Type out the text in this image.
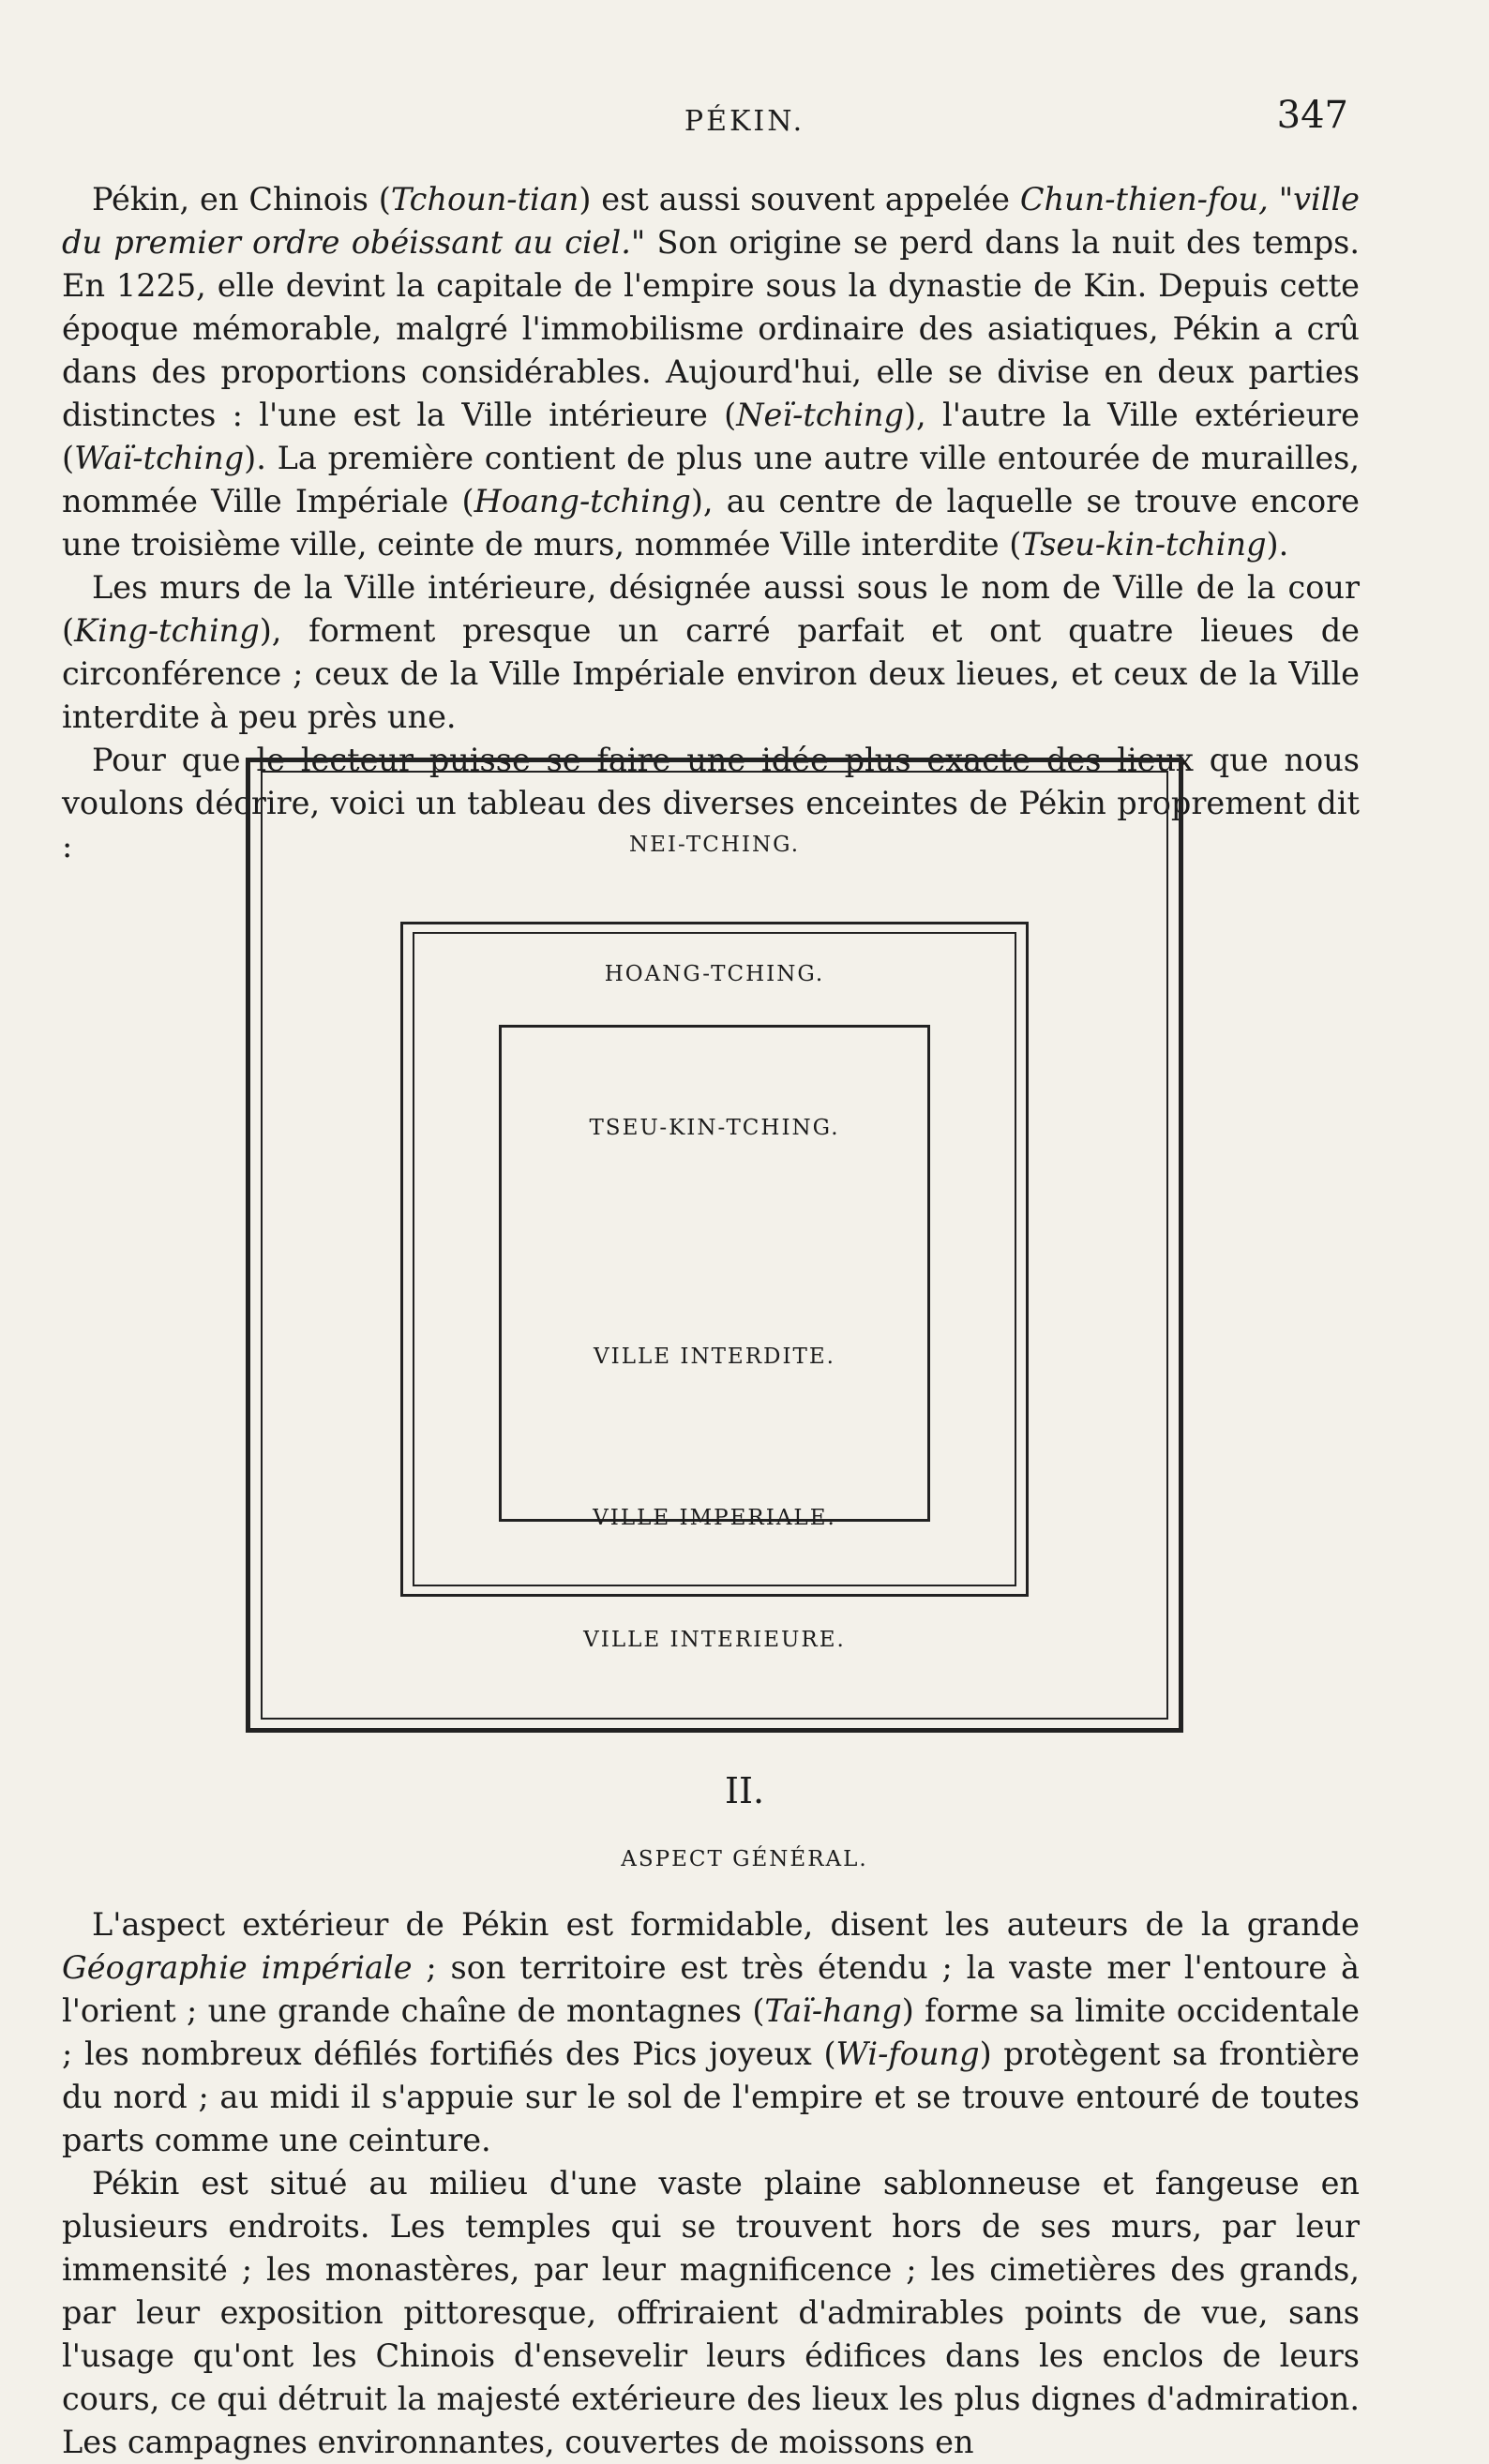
PÉKIN.	347

Pékin, en Chinois (Tchoun-tian) est aussi souvent appelée Chun-thien-fou, "ville du premier ordre obéissant au ciel." Son origine se perd dans la nuit des temps. En 1225, elle devint la capitale de l'empire sous la dynastie de Kin. Depuis cette époque mémorable, malgré l'immobilisme ordinaire des asiatiques, Pékin a crû dans des proportions considérables. Aujourd'hui, elle se divise en deux parties distinctes : l'une est la Ville intérieure (Neï-tching), l'autre la Ville extérieure (Waï-tching). La première contient de plus une autre ville entourée de murailles, nommée Ville Impériale (Hoang-tching), au centre de laquelle se trouve encore une troisième ville, ceinte de murs, nommée Ville interdite (Tseu-kin-tching).

Les murs de la Ville intérieure, désignée aussi sous le nom de Ville de la cour (King-tching), forment presque un carré parfait et ont quatre lieues de circonférence ; ceux de la Ville Impériale environ deux lieues, et ceux de la Ville interdite à peu près une.

Pour que le lecteur puisse se faire une idée plus exacte des lieux que nous voulons décrire, voici un tableau des diverses enceintes de Pékin proprement dit :	NEI-TCHING.
HOANG-TCHING.
TSEU-KIN-TCHING.
VILLE INTERDITE.
VILLE IMPERIALE.
VILLE INTERIEURE.
II.
ASPECT GÉNÉRAL.

L'aspect extérieur de Pékin est formidable, disent les auteurs de la grande Géographie impériale ; son territoire est très étendu ; la vaste mer l'entoure à l'orient ; une grande chaîne de montagnes (Taï-hang) forme sa limite occidentale ; les nombreux défilés fortifiés des Pics joyeux (Wi-foung) protègent sa frontière du nord ; au midi il s'appuie sur le sol de l'empire et se trouve entouré de toutes parts comme une ceinture.

Pékin est situé au milieu d'une vaste plaine sablonneuse et fangeuse en plusieurs endroits. Les temples qui se trouvent hors de ses murs, par leur immensité ; les monastères, par leur magnificence ; les cimetières des grands, par leur exposition pittoresque, offriraient d'admirables points de vue, sans l'usage qu'ont les Chinois d'ensevelir leurs édifices dans les enclos de leurs cours, ce qui détruit la majesté extérieure des lieux les plus dignes d'admiration. Les campagnes environnantes, couvertes de moissons en
